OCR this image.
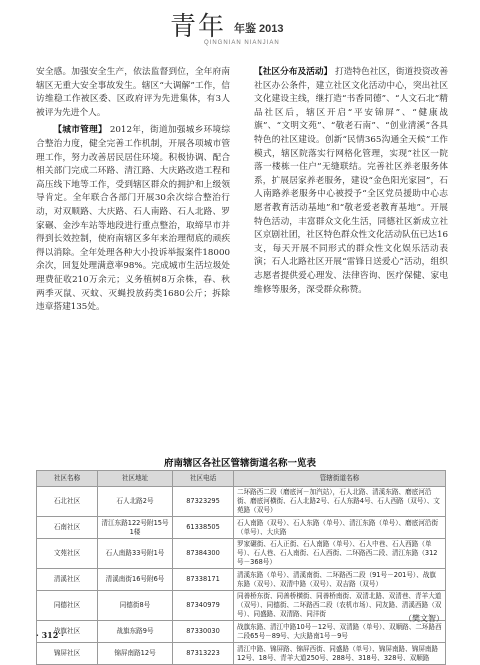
青年 年鉴 2013
QINGNIAN NIANJIAN

安全感。加强安全生产，依法监督到位，全年府南辖区无重大安全事故发生。辖区“大调解”工作，信访维稳工作被区委、区政府评为先进集体，有3人被评为先进个人。

【城市管理】 2012年，街道加强城乡环境综合整治力度，健全完善工作机制，开展各项城市管理工作，努力改善居民居住环境。积极协调、配合相关部门完成二环路、清江路、大庆路改造工程和高压线下地等工作，受到辖区群众的拥护和上级领导肯定。全年联合各部门开展30余次综合整治行动，对双顺路、大庆路、石人南路、石人北路、罗家碾、金沙车站等地段进行重点整治，取缔早市并得到长效控制，使府南辖区多年来治理彻底的顽疾得以消除。全年处理各种大小投诉举报案件18000余次，回复处理满意率98%。完成城市生活垃圾处理费征收210万余元；义务植树8万余株，春、秋两季灭鼠、灭蚊、灭蝇投放药类1680公斤；拆除违章搭建135处。

【社区分布及活动】 打造特色社区，街道投资改善社区办公条件，建立社区文化活动中心，突出社区文化建设主线，继打造“书香同德”、“人文石北”精品社区后，辖区开启“平安锦屏”、“健康战旗”、“文明文苑”、“敬老石南”、“创业清溪”各具特色的社区建设。创新“民情365沟通全天候”工作模式，辖区院落实行网格化管理，实现“社区一院落一楼栋一住户”无缝联结。完善社区养老服务体系，扩展居家养老服务，建设“金色阳光家园”，石人南路养老服务中心被授予“全区党员援助中心志愿者教育活动基地”和“敬老爱老教育基地”。开展特色活动，丰富群众文化生活，同德社区新成立社区京剧社团，社区特色群众性文化活动队伍已达16支，每天开展不同形式的群众性文化娱乐活动表演；石人北路社区开展“雷锋日送爱心”活动，组织志愿者提供爱心理发、法律咨询、医疗保健、家电维修等服务，深受群众称赞。

府南辖区各社区管辖街道名称一览表
社区名称	社区地址	社区电话	管辖街道名称
石北社区	石人北路2号	87323295	二环路西二段（磨底河－加汽站），石人北路、清溪东路、磨底河沿街、磨底河横街、石人北路2号、石人东路4号、石人西路（双号）、文苑路（双号）
石南社区	清江东路122号附15号1楼	61338505	石人南路（双号）、石人东路（单号）、清江东路（单号）、磨底河沿街（单号）、大庆路
文苑社区	石人南路33号附1号	87384300	罗家碾街、石人正街、石人南路（单号）、石人中巷、石人西路（单号）、石人巷、石人南街、石人西街、二环路西二段、清江东路（312号－368号）
清溪社区	清溪南街16号附6号	87338171	清溪东路（单号）、清溪南街、二环路西二段（91号－201号）、战旗东路（双号）、双清中路（双号）、双吉路（双号）
同德社区	同德街8号	87340979	同善桥东街、同善桥横街、同善桥南街、双清北路、双清巷、青羊大道（双号）、同德街、二环路西二段（农机市场）、同友路、清溪西路（双号）、同盛路、双清路、同洋街
战旗社区	战旗东路9号	87330030	战旗东路、清江中路10号－12号、双清路（单号）、双顺路、二环路西二段65号－89号、大庆路南1号－9号
锦屏社区	锦屏南路12号	87313223	清江中路、锦屏路、锦屏西街、同盛路（单号）、锦屏南路、锦屏南路12号、18号、青羊大道250号、288号、318号、328号、双顺路
（樊文智）
· 312 ·
